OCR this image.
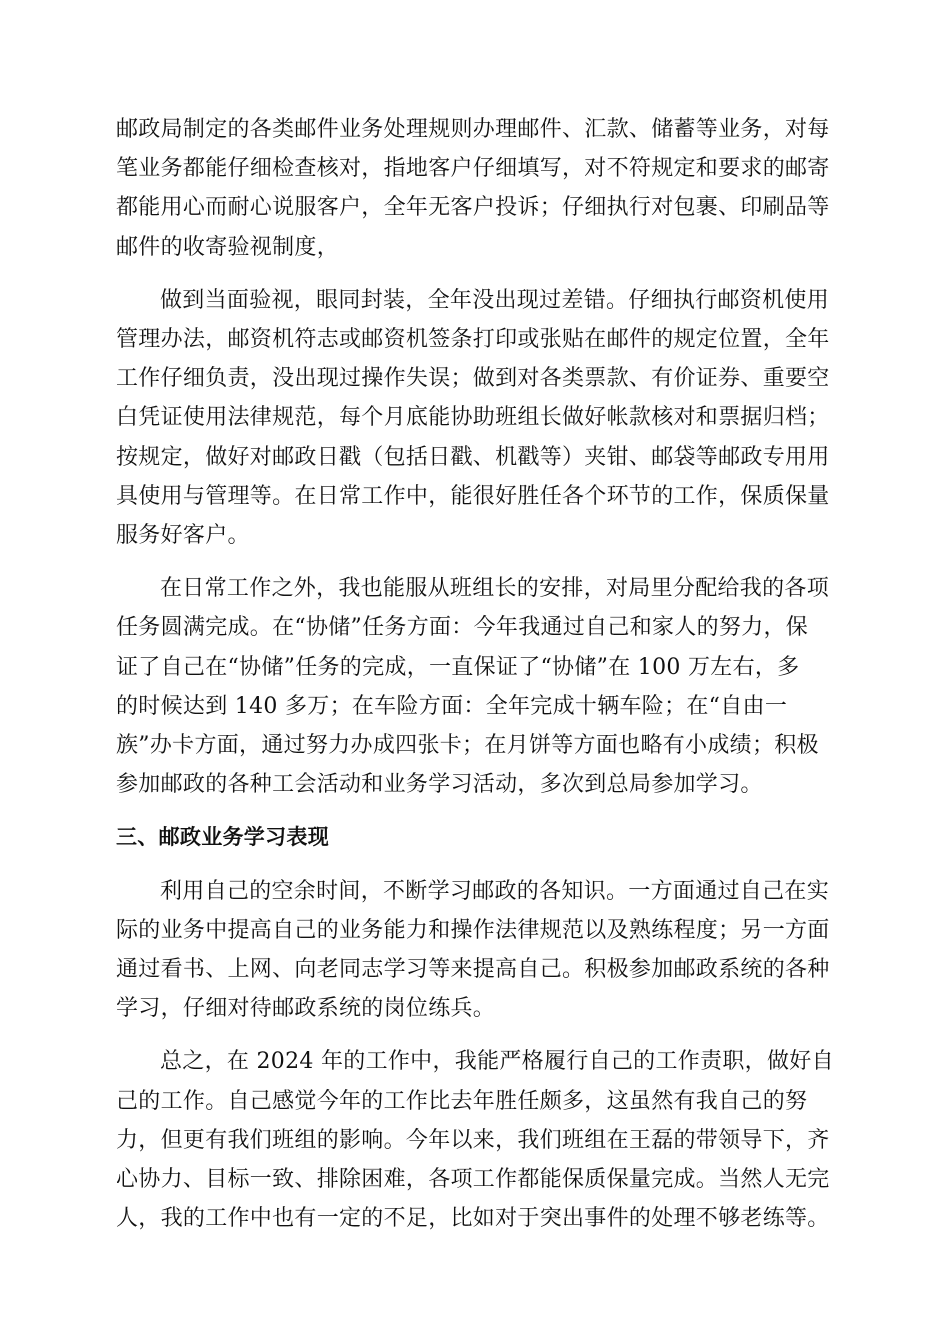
邮政局制定的各类邮件业务处理规则办理邮件、汇款、储蓄等业务，对每
笔业务都能仔细检查核对，指地客户仔细填写，对不符规定和要求的邮寄
都能用心而耐心说服客户，全年无客户投诉；仔细执行对包裹、印刷品等
邮件的收寄验视制度，
做到当面验视，眼同封装，全年没出现过差错。仔细执行邮资机使用
管理办法，邮资机符志或邮资机签条打印或张贴在邮件的规定位置，全年
工作仔细负责，没出现过操作失误；做到对各类票款、有价证券、重要空
白凭证使用法律规范，每个月底能协助班组长做好帐款核对和票据归档；
按规定，做好对邮政日戳（包括日戳、机戳等）夹钳、邮袋等邮政专用用
具使用与管理等。在日常工作中，能很好胜任各个环节的工作，保质保量
服务好客户。
在日常工作之外，我也能服从班组长的安排，对局里分配给我的各项
任务圆满完成。在“协储”任务方面：今年我通过自己和家人的努力，保
证了自己在“协储”任务的完成，一直保证了“协储”在 100 万左右，多
的时候达到 140 多万；在车险方面：全年完成十辆车险；在“自由一
族”办卡方面，通过努力办成四张卡；在月饼等方面也略有小成绩；积极
参加邮政的各种工会活动和业务学习活动，多次到总局参加学习。
三、邮政业务学习表现
利用自己的空余时间，不断学习邮政的各知识。一方面通过自己在实
际的业务中提高自己的业务能力和操作法律规范以及熟练程度；另一方面
通过看书、上网、向老同志学习等来提高自己。积极参加邮政系统的各种
学习，仔细对待邮政系统的岗位练兵。
总之，在 2024 年的工作中，我能严格履行自己的工作责职，做好自
己的工作。自己感觉今年的工作比去年胜任颇多，这虽然有我自己的努
力，但更有我们班组的影响。今年以来，我们班组在王磊的带领导下，齐
心协力、目标一致、排除困难，各项工作都能保质保量完成。当然人无完
人，我的工作中也有一定的不足，比如对于突出事件的处理不够老练等。
